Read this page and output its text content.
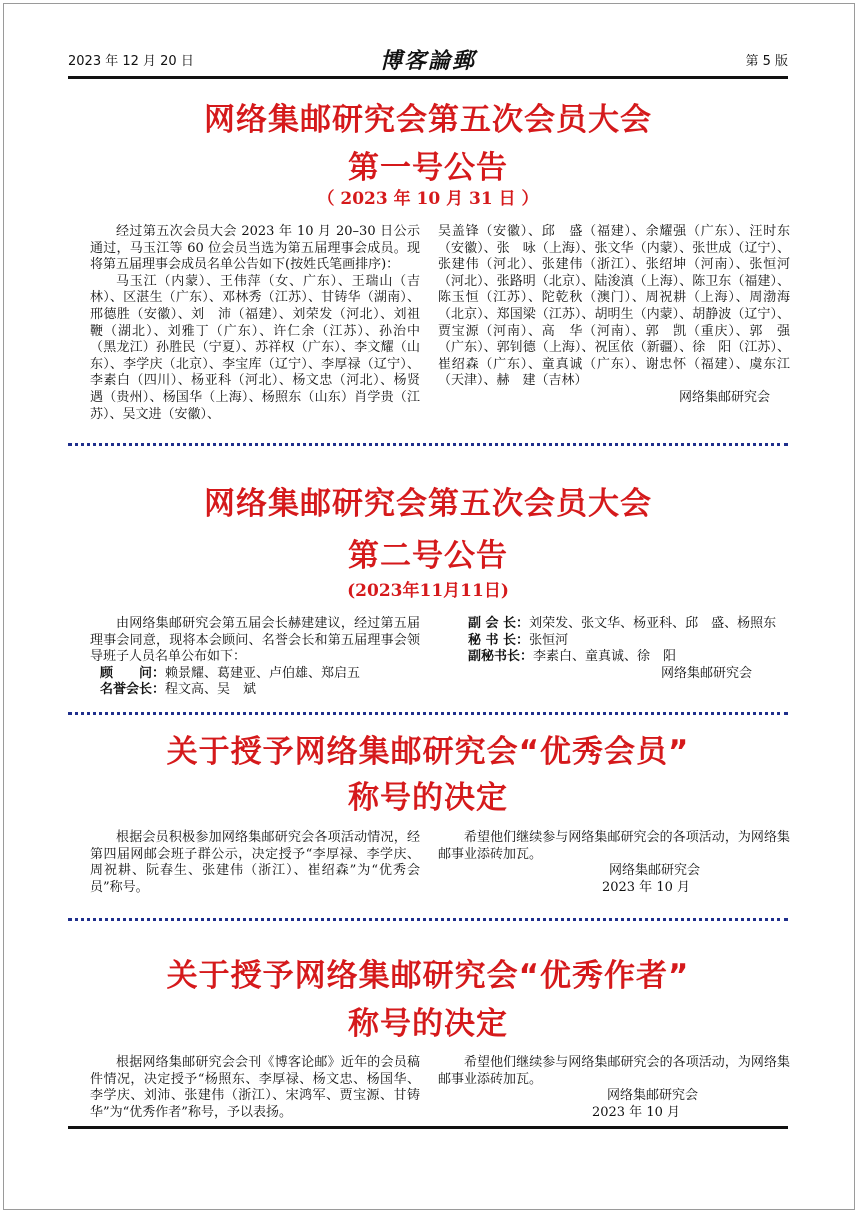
2023 年 12 月 20 日	博客論郵	第 5 版
网络集邮研究会第五次会员大会
第一号公告
（ 2023 年 10 月 31 日 ）

经过第五次会员大会 2023 年 10 月 20–30 日公示通过，马玉江等 60 位会员当选为第五届理事会成员。现将第五届理事会成员名单公告如下(按姓氏笔画排序)：

马玉江（内蒙）、王伟萍（女、广东）、王瑞山（吉林）、区湛生（广东）、邓林秀（江苏）、甘铸华（湖南）、邢德胜（安徽）、刘　沛（福建）、刘荣发（河北）、刘祖鞭（湖北）、刘雅丁（广东）、许仁余（江苏）、孙治中（黑龙江）孙胜民（宁夏）、苏祥权（广东）、李文耀（山东）、李学庆（北京）、李宝库（辽宁）、李厚禄（辽宁）、李素白（四川）、杨亚科（河北）、杨文忠（河北）、杨贤遇（贵州）、杨国华（上海）、杨照东（山东）肖学贵（江苏）、吴文进（安徽）、

吴盖锋（安徽）、邱　盛（福建）、余耀强（广东）、汪时东（安徽）、张　咏（上海）、张文华（内蒙）、张世成（辽宁）、张建伟（河北）、张建伟（浙江）、张绍坤（河南）、张恒河（河北）、张路明（北京）、陆浚滇（上海）、陈卫东（福建）、陈玉恒（江苏）、陀乾秋（澳门）、周祝耕（上海）、周渤海（北京）、郑国梁（江苏）、胡明生（内蒙）、胡静波（辽宁）、贾宝源（河南）、高　华（河南）、郭　凯（重庆）、郭　强（广东）、郭钊德（上海）、祝匡依（新疆）、徐　阳（江苏）、崔绍森（广东）、童真诚（广东）、谢忠怀（福建）、虞东江（天津）、赫　建（吉林）

网络集邮研究会
网络集邮研究会第五次会员大会
第二号公告
(2023年11月11日)

由网络集邮研究会第五届会长赫建建议，经过第五届理事会同意，现将本会顾问、名誉会长和第五届理事会领导班子人员名单公布如下：

顾　　问： 赖景耀、葛建亚、卢伯雄、郑启五
名誉会长： 程文高、吴　斌
副 会 长：刘荣发、张文华、杨亚科、邱　盛、杨照东
秘 书 长： 张恒河
副秘书长： 李素白、童真诚、徐　阳
网络集邮研究会
关于授予网络集邮研究会“优秀会员”
称号的决定

根据会员积极参加网络集邮研究会各项活动情况，经第四届网邮会班子群公示，决定授予“李厚禄、李学庆、周祝耕、阮春生、张建伟（浙江）、崔绍森”为“优秀会员”称号。

希望他们继续参与网络集邮研究会的各项活动，为网络集邮事业添砖加瓦。

网络集邮研究会
2023 年 10 月
关于授予网络集邮研究会“优秀作者”
称号的决定

根据网络集邮研究会会刊《博客论邮》近年的会员稿件情况，决定授予“杨照东、李厚禄、杨文忠、杨国华、李学庆、刘沛、张建伟（浙江）、宋鸿军、贾宝源、甘铸华”为“优秀作者”称号，予以表扬。

希望他们继续参与网络集邮研究会的各项活动，为网络集邮事业添砖加瓦。

网络集邮研究会
2023 年 10 月
